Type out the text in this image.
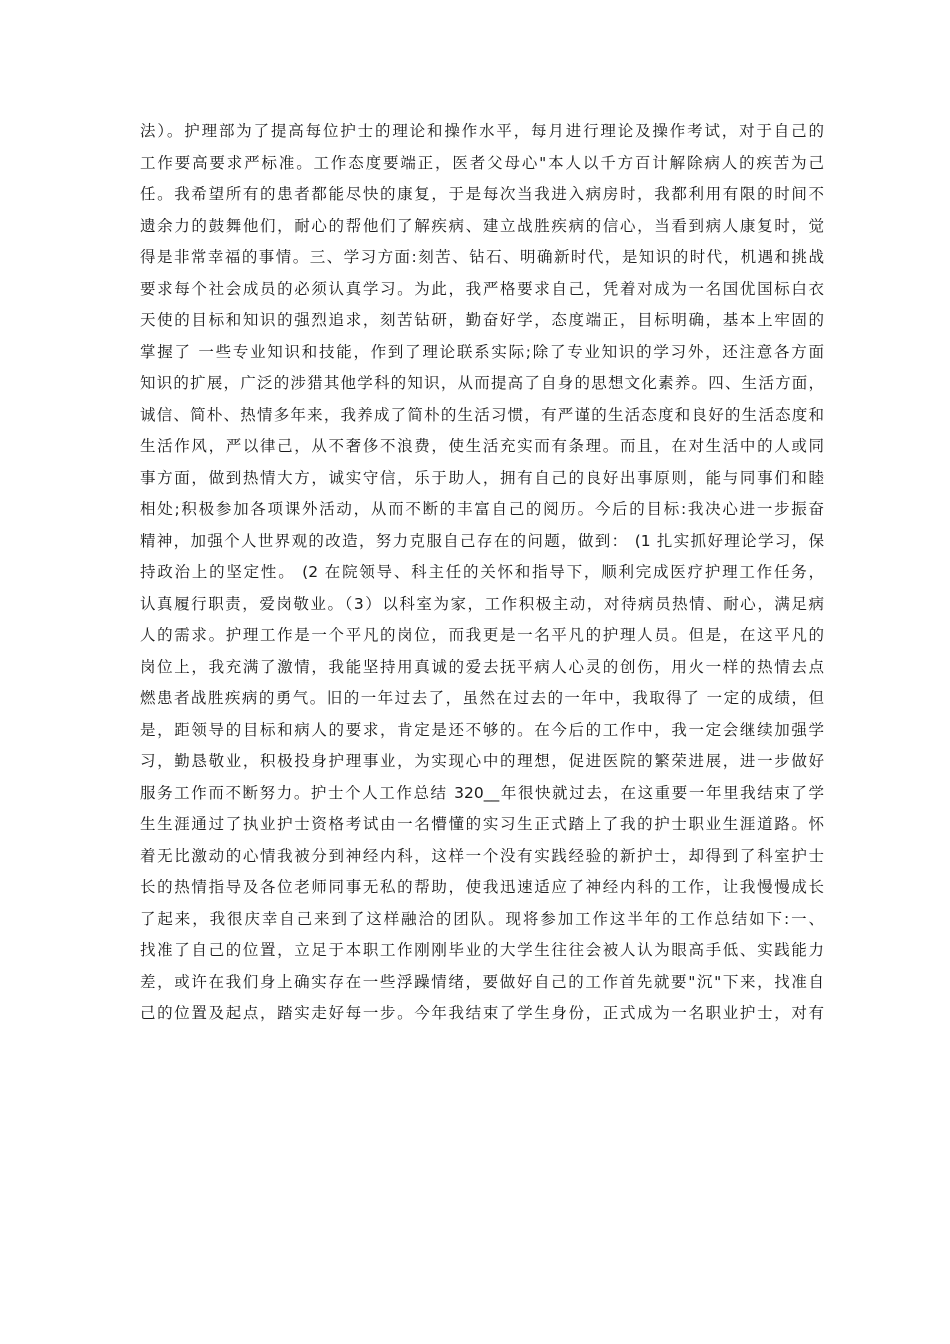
法）。护理部为了提高每位护士的理论和操作水平，每月进行理论及操作考试，对于自己的
工作要高要求严标准。工作态度要端正，医者父母心"本人以千方百计解除病人的疾苦为己
任。我希望所有的患者都能尽快的康复，于是每次当我进入病房时，我都利用有限的时间不
遗余力的鼓舞他们，耐心的帮他们了解疾病、建立战胜疾病的信心，当看到病人康复时，觉
得是非常幸福的事情。三、学习方面:刻苦、钻石、明确新时代，是知识的时代，机遇和挑战
要求每个社会成员的必须认真学习。为此，我严格要求自己，凭着对成为一名国优国标白衣
天使的目标和知识的强烈追求，刻苦钻研，勤奋好学，态度端正，目标明确，基本上牢固的
掌握了 一些专业知识和技能，作到了理论联系实际;除了专业知识的学习外，还注意各方面
知识的扩展，广泛的涉猎其他学科的知识，从而提高了自身的思想文化素养。四、生活方面，
诚信、简朴、热情多年来，我养成了简朴的生活习惯，有严谨的生活态度和良好的生活态度和
生活作风，严以律己，从不奢侈不浪费，使生活充实而有条理。而且，在对生活中的人或同
事方面，做到热情大方，诚实守信，乐于助人，拥有自己的良好出事原则，能与同事们和睦
相处;积极参加各项课外活动，从而不断的丰富自己的阅历。今后的目标:我决心进一步振奋
精神，加强个人世界观的改造，努力克服自己存在的问题，做到： (1 扎实抓好理论学习，保
持政治上的坚定性。 (2 在院领导、科主任的关怀和指导下，顺利完成医疗护理工作任务，
认真履行职责，爱岗敬业。（3）以科室为家，工作积极主动，对待病员热情、耐心，满足病
人的需求。护理工作是一个平凡的岗位，而我更是一名平凡的护理人员。但是，在这平凡的
岗位上，我充满了激情，我能坚持用真诚的爱去抚平病人心灵的创伤，用火一样的热情去点
燃患者战胜疾病的勇气。旧的一年过去了，虽然在过去的一年中，我取得了 一定的成绩，但
是，距领导的目标和病人的要求，肯定是还不够的。在今后的工作中，我一定会继续加强学
习，勤恳敬业，积极投身护理事业，为实现心中的理想，促进医院的繁荣进展，进一步做好
服务工作而不断努力。护士个人工作总结 320__年很快就过去，在这重要一年里我结束了学
生生涯通过了执业护士资格考试由一名懵懂的实习生正式踏上了我的护士职业生涯道路。怀
着无比激动的心情我被分到神经内科，这样一个没有实践经验的新护士，却得到了科室护士
长的热情指导及各位老师同事无私的帮助，使我迅速适应了神经内科的工作，让我慢慢成长
了起来，我很庆幸自己来到了这样融洽的团队。现将参加工作这半年的工作总结如下:一、
找准了自己的位置，立足于本职工作刚刚毕业的大学生往往会被人认为眼高手低、实践能力
差，或许在我们身上确实存在一些浮躁情绪，要做好自己的工作首先就要"沉"下来，找准自
己的位置及起点，踏实走好每一步。今年我结束了学生身份，正式成为一名职业护士，对有
